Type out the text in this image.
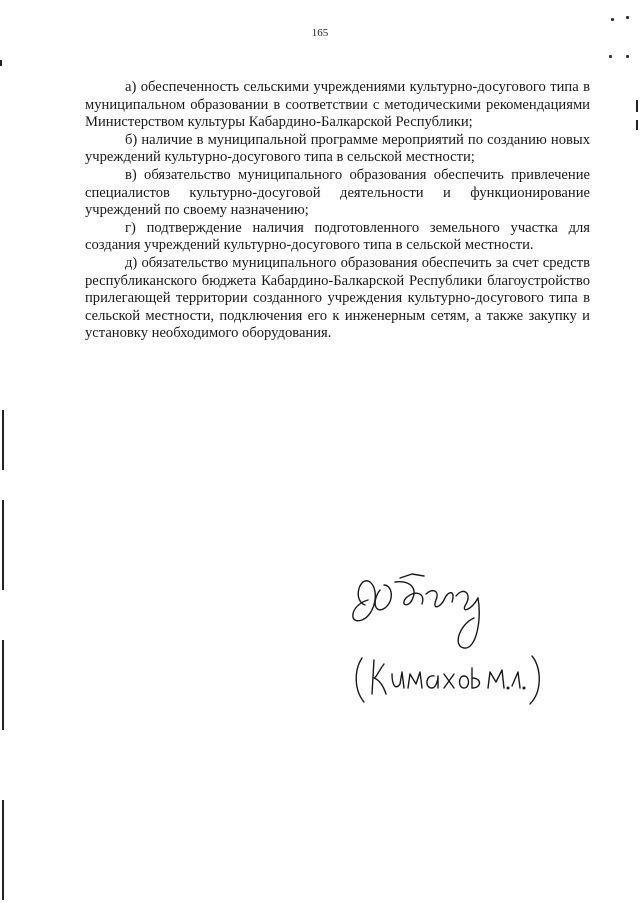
165

а) обеспеченность сельскими учреждениями культурно-досугового типа в муниципальном образовании в соответствии с методическими рекомендациями Министерством культуры Кабардино-Балкарской Республики;

б) наличие в муниципальной программе мероприятий по созданию новых учреждений культурно-досугового типа в сельской местности;

в) обязательство муниципального образования обеспечить привлечение специалистов культурно-досуговой деятельности и функционирование учреждений по своему назначению;

г) подтверждение наличия подготовленного земельного участка для создания учреждений культурно-досугового типа в сельской местности.

д) обязательство муниципального образования обеспечить за счет средств республиканского бюджета Кабардино-Балкарской Республики благоустройство прилегающей территории созданного учреждения культурно-досугового типа в сельской местности, подключения его к инженерным сетям, а также закупку и установку необходимого оборудования.
